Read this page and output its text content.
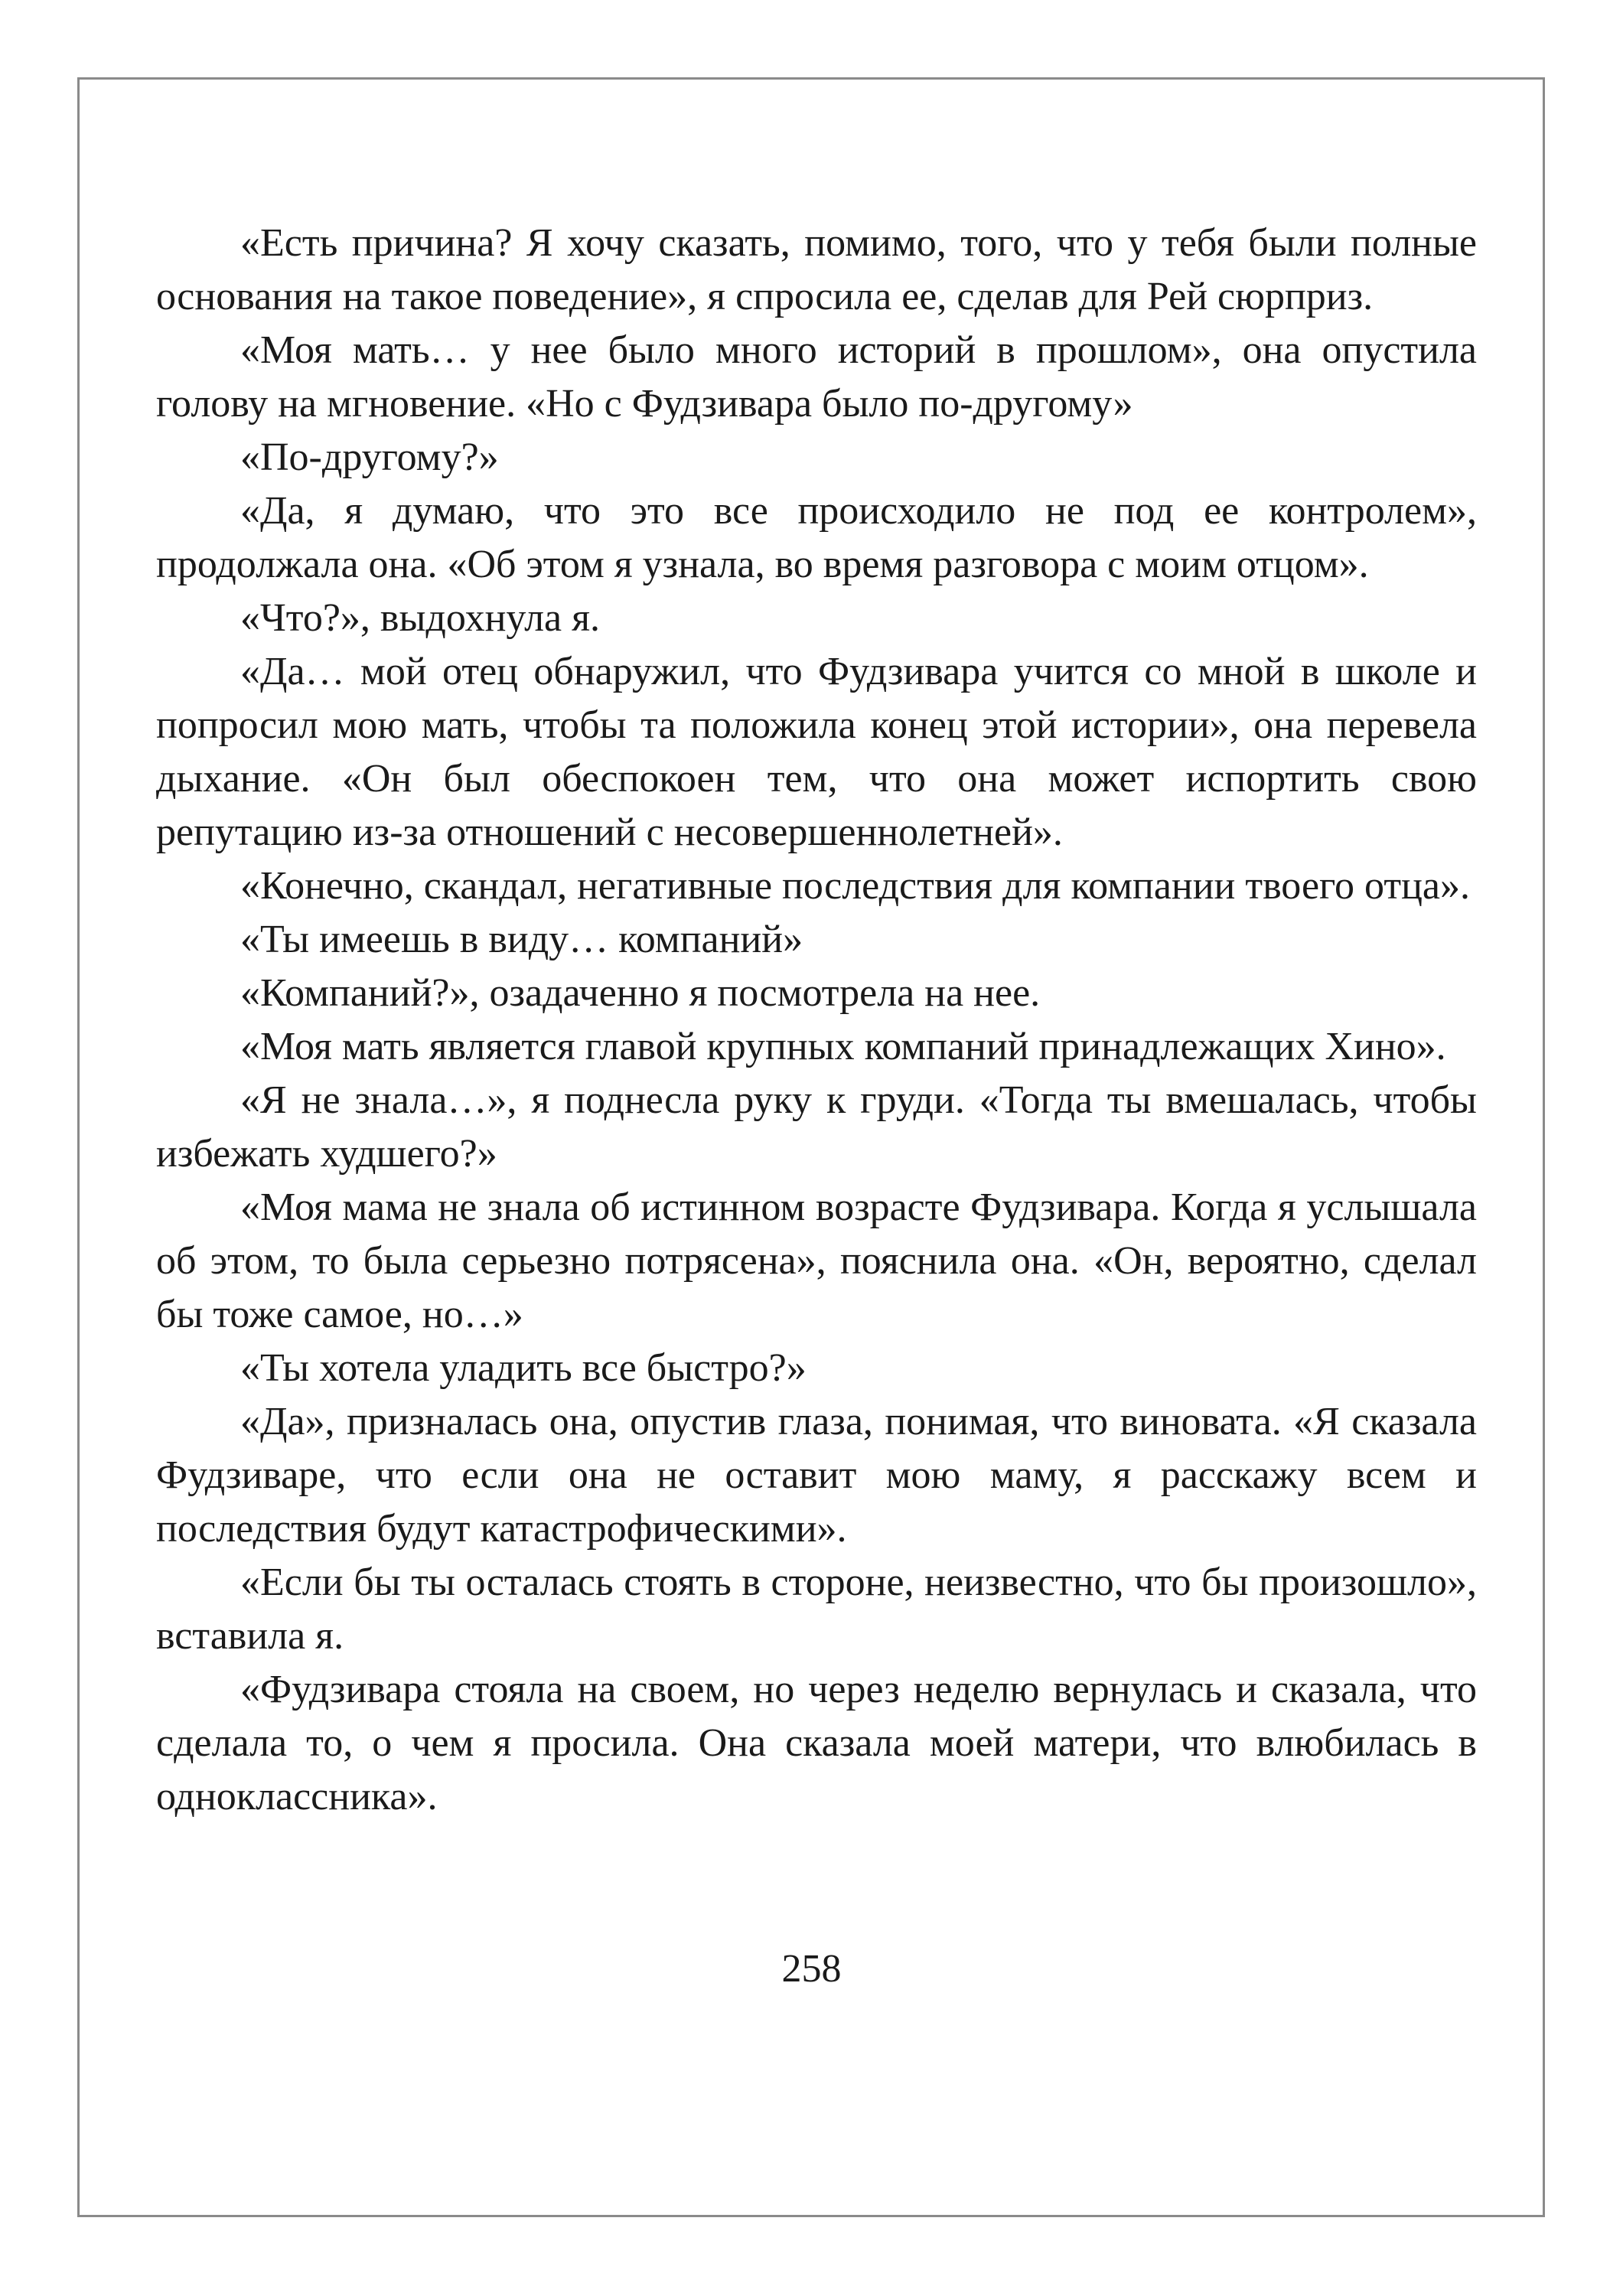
«Есть причина? Я хочу сказать, помимо, того, что у тебя были полные основания на такое поведение», я спросила ее, сделав для Рей сюрприз.

«Моя мать… у нее было много историй в прошлом», она опустила голову на мгновение. «Но с Фудзивара было по-другому»

«По-другому?»

«Да, я думаю, что это все происходило не под ее контролем», продолжала она. «Об этом я узнала, во время разговора с моим отцом».

«Что?», выдохнула я.

«Да… мой отец обнаружил, что Фудзивара учится со мной в школе и попросил мою мать, чтобы та положила конец этой истории», она перевела дыхание. «Он был обеспокоен тем, что она может испортить свою репутацию из-за отношений с несовершеннолетней».

«Конечно, скандал, негативные последствия для компании твоего отца».

«Ты имеешь в виду… компаний»

«Компаний?», озадаченно я посмотрела на нее.

«Моя мать является главой крупных компаний принадлежащих Хино».

«Я не знала…», я поднесла руку к груди. «Тогда ты вмешалась, чтобы избежать худшего?»

«Моя мама не знала об истинном возрасте Фудзивара. Когда я услышала об этом, то была серьезно потрясена», пояснила она. «Он, вероятно, сделал бы тоже самое, но…»

«Ты хотела уладить все быстро?»

«Да», призналась она, опустив глаза, понимая, что виновата. «Я сказала Фудзиваре, что если она не оставит мою маму, я расскажу всем и последствия будут катастрофическими».

«Если бы ты осталась стоять в стороне, неизвестно, что бы произошло», вставила я.

«Фудзивара стояла на своем, но через неделю вернулась и сказала, что сделала то, о чем я просила. Она сказала моей матери, что влюбилась в одноклассника».

258
